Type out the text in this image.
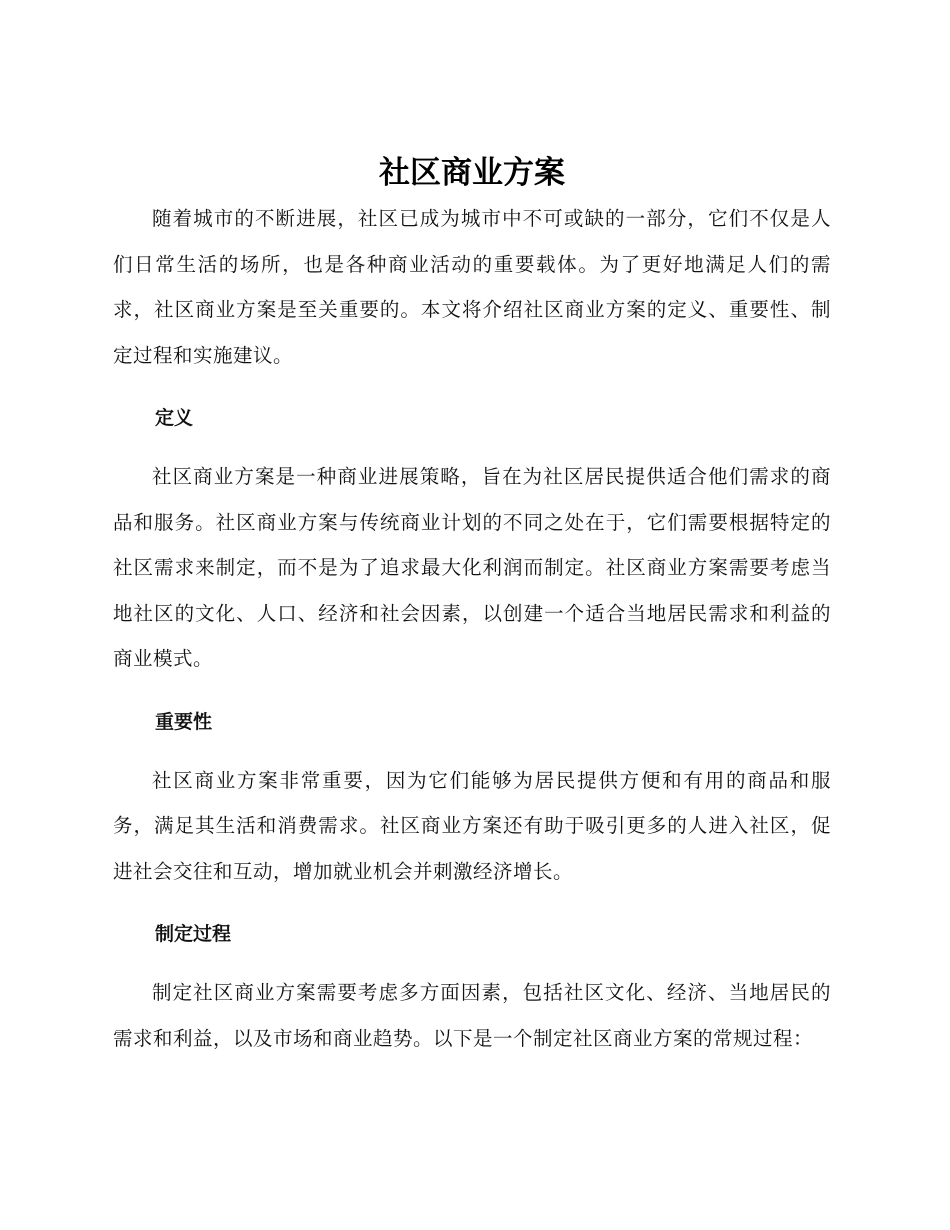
社区商业方案

随着城市的不断进展，社区已成为城市中不可或缺的一部分，它们不仅是人们日常生活的场所，也是各种商业活动的重要载体。为了更好地满足人们的需求，社区商业方案是至关重要的。本文将介绍社区商业方案的定义、重要性、制定过程和实施建议。

定义

社区商业方案是一种商业进展策略，旨在为社区居民提供适合他们需求的商品和服务。社区商业方案与传统商业计划的不同之处在于，它们需要根据特定的社区需求来制定，而不是为了追求最大化利润而制定。社区商业方案需要考虑当地社区的文化、人口、经济和社会因素，以创建一个适合当地居民需求和利益的商业模式。

重要性

社区商业方案非常重要，因为它们能够为居民提供方便和有用的商品和服务，满足其生活和消费需求。社区商业方案还有助于吸引更多的人进入社区，促进社会交往和互动，增加就业机会并刺激经济增长。

制定过程

制定社区商业方案需要考虑多方面因素，包括社区文化、经济、当地居民的需求和利益，以及市场和商业趋势。以下是一个制定社区商业方案的常规过程：
